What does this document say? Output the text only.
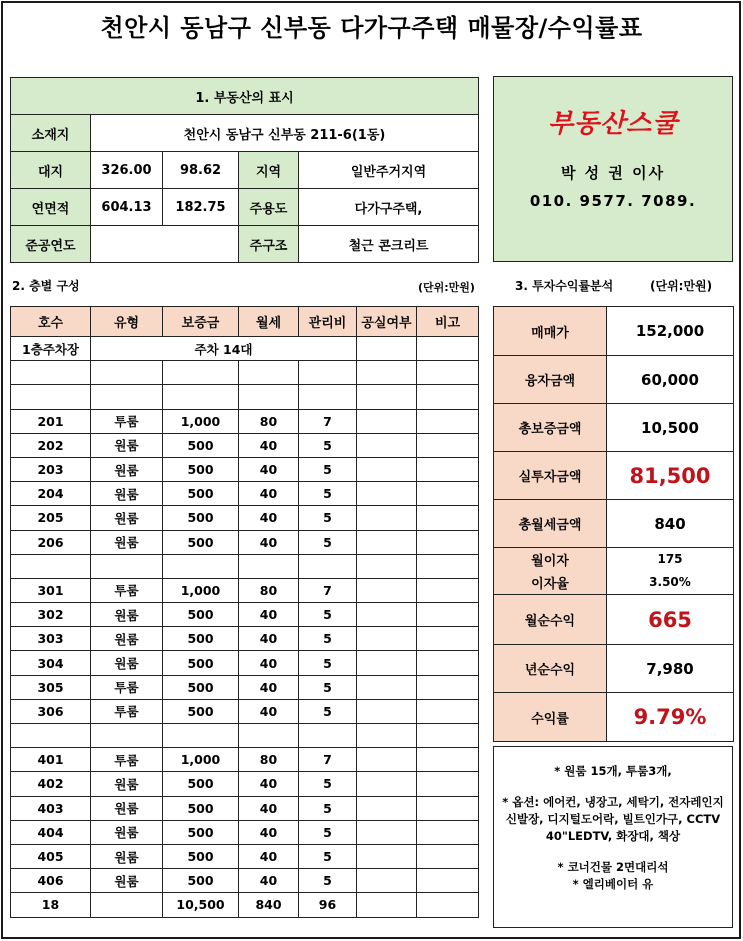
천안시 동남구 신부동 다가구주택 매물장/수익률표
1. 부동산의 표시				
소재지	천안시 동남구 신부동 211-6(1동)			
대지	326.00	98.62	지역	일반주거지역
연면적	604.13	182.75	주용도	다가구주택,
준공연도			주구조	철근 콘크리트
부동산스쿨
박 성 권 이사
010. 9577. 7089.
2. 층별 구성	(단위:만원)	3. 투자수익률분석	(단위:만원)
호수	유형	보증금	월세	관리비	공실여부	비고
1층주차장	주차 14대					

201	투룸	1,000	80	7		
202	원룸	500	40	5		
203	원룸	500	40	5		
204	원룸	500	40	5		
205	원룸	500	40	5		
206	원룸	500	40	5		

301	투룸	1,000	80	7		
302	원룸	500	40	5		
303	원룸	500	40	5		
304	원룸	500	40	5		
305	투룸	500	40	5		
306	투룸	500	40	5		

401	투룸	1,000	80	7		
402	원룸	500	40	5		
403	원룸	500	40	5		
404	원룸	500	40	5		
405	원룸	500	40	5		
406	원룸	500	40	5		
18		10,500	840	96		
매매가	152,000
융자금액	60,000
총보증금액	10,500
실투자금액	81,500
총월세금액	840
월이자	175
이자율	3.50%
월순수익	665
년순수익	7,980
수익률	9.79%
* 원룸 15개, 투룸3개,
* 옵션: 에어컨, 냉장고, 세탁기, 전자레인지
신발장, 디지털도어락, 빌트인가구, CCTV
40"LEDTV, 화장대, 책상
* 코너건물 2면대리석
* 엘리베이터 유
